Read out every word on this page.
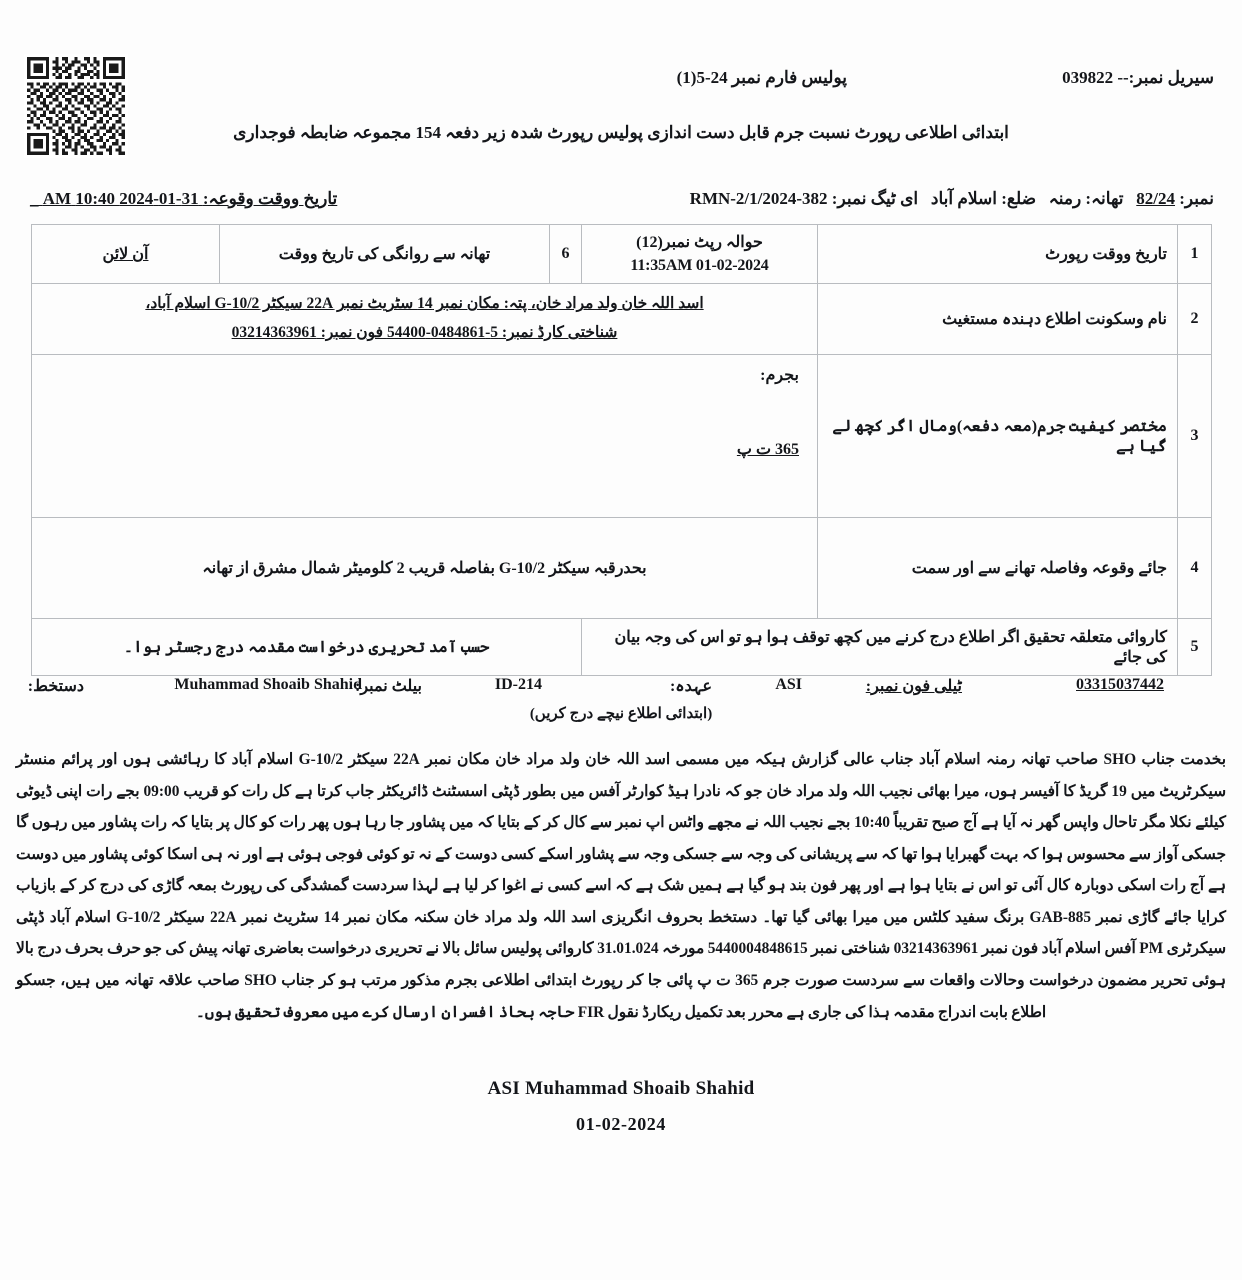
سیریل نمبر:-- 039822
پولیس فارم نمبر 24-5(1)
ابتدائی اطلاعی رپورٹ نسبت جرم قابل دست اندازی پولیس رپورٹ شدہ زیر دفعہ 154 مجموعہ ضابطہ فوجداری
نمبر: 82/24   تھانہ: رمنہ   ضلع: اسلام آباد   ای ٹیگ نمبر: RMN-2/1/2024-382
تاریخ ووقت وقوعہ: 31-01-2024 10:40 AM _
1	تاریخ ووقت رپورٹ	حوالہ رپٹ نمبر(12)
01-02-2024 11:35AM	6	تھانہ سے روانگی کی تاریخ ووقت	آن لائن
2	نام وسکونت اطلاع دہندہ مستغیث	اسد اللہ خان ولد مراد خان، پتہ: مکان نمبر 14 سٹریٹ نمبر 22A سیکٹر G-10/2 اسلام آباد،
شناختی کارڈ نمبر: 5-0484861-54400 فون نمبر: 03214363961			

3	مختصر کیفیت جرم(معہ دفعہ)ومال اگر کچھ لے گیا ہے	بجرم:
365 ت پ			

4	جائے وقوعہ وفاصلہ تھانے سے اور سمت	بحدرقبہ سیکٹر G-10/2 بفاصلہ قریب 2 کلومیٹر شمال مشرق از تھانہ			
5	کاروائی متعلقہ تحقیق اگر اطلاع درج کرنے میں کچھ توقف ہوا ہو تو اس کی وجہ بیان کی جائے		حسب آمد تحریری درخواست مقدمہ درج رجسٹر ہوا۔		
دستخط:	Muhammad Shoaib Shahid
بیلٹ نمبر:	ID-214	عہدہ:	ASI	ٹیلی فون نمبر:	03315037442
(ابتدائی اطلاع نیچے درج کریں)

بخدمت جناب SHO صاحب تھانہ رمنہ اسلام آباد جناب عالی گزارش ہیکہ میں مسمی اسد اللہ خان ولد مراد خان مکان نمبر 22A سیکٹر G-10/2 اسلام آباد کا رہائشی ہوں اور پرائم منسٹر سیکرٹریٹ میں 19 گریڈ کا آفیسر ہوں، میرا بھائی نجیب اللہ ولد مراد خان جو کہ نادرا ہیڈ کوارٹر آفس میں بطور ڈپٹی اسسٹنٹ ڈائریکٹر جاب کرتا ہے کل رات کو قریب 09:00 بجے رات اپنی ڈیوٹی کیلئے نکلا مگر تاحال واپس گھر نہ آیا ہے آج صبح تقریباً 10:40 بجے نجیب اللہ نے مجھے واٹس اپ نمبر سے کال کر کے بتایا کہ میں پشاور جا رہا ہوں پھر رات کو کال پر بتایا کہ رات پشاور میں رہوں گا جسکی آواز سے محسوس ہوا کہ بہت گھبرایا ہوا تھا کہ سے پریشانی کی وجہ سے جسکی وجہ سے پشاور اسکے کسی دوست کے نہ تو کوئی فوجی ہوئی ہے اور نہ ہی اسکا کوئی پشاور میں دوست ہے آج رات اسکی دوبارہ کال آئی تو اس نے بتایا ہوا ہے اور پھر فون بند ہو گیا ہے ہمیں شک ہے کہ اسے کسی نے اغوا کر لیا ہے لہذا سردست گمشدگی کی رپورٹ بمعہ گاڑی کی درج کر کے بازیاب کرایا جائے گاڑی نمبر GAB-885 برنگ سفید کلٹس میں میرا بھائی گیا تھا۔ دستخط بحروف انگریزی اسد اللہ ولد مراد خان سکنہ مکان نمبر 14 سٹریٹ نمبر 22A سیکٹر G-10/2 اسلام آباد ڈپٹی سیکرٹری PM آفس اسلام آباد فون نمبر 03214363961 شناختی نمبر 5440004848615 مورخہ 31.01.024 کاروائی پولیس سائل بالا نے تحریری درخواست بعاضری تھانہ پیش کی جو حرف بحرف درج بالا ہوئی تحریر مضمون درخواست وحالات واقعات سے سردست صورت جرم 365 ت پ پائی جا کر رپورٹ ابتدائی اطلاعی بجرم مذکور مرتب ہو کر جناب SHO صاحب علاقہ تھانہ میں ہیں، جسکو اطلاع بابت اندراج مقدمہ ہذا کی جاری ہے محرر بعد تکمیل ریکارڈ نقول FIR حاجہ بحاذ افسران ارسال کرے میں معروف تحقیق ہوں۔

ASI Muhammad Shoaib Shahid
01-02-2024
